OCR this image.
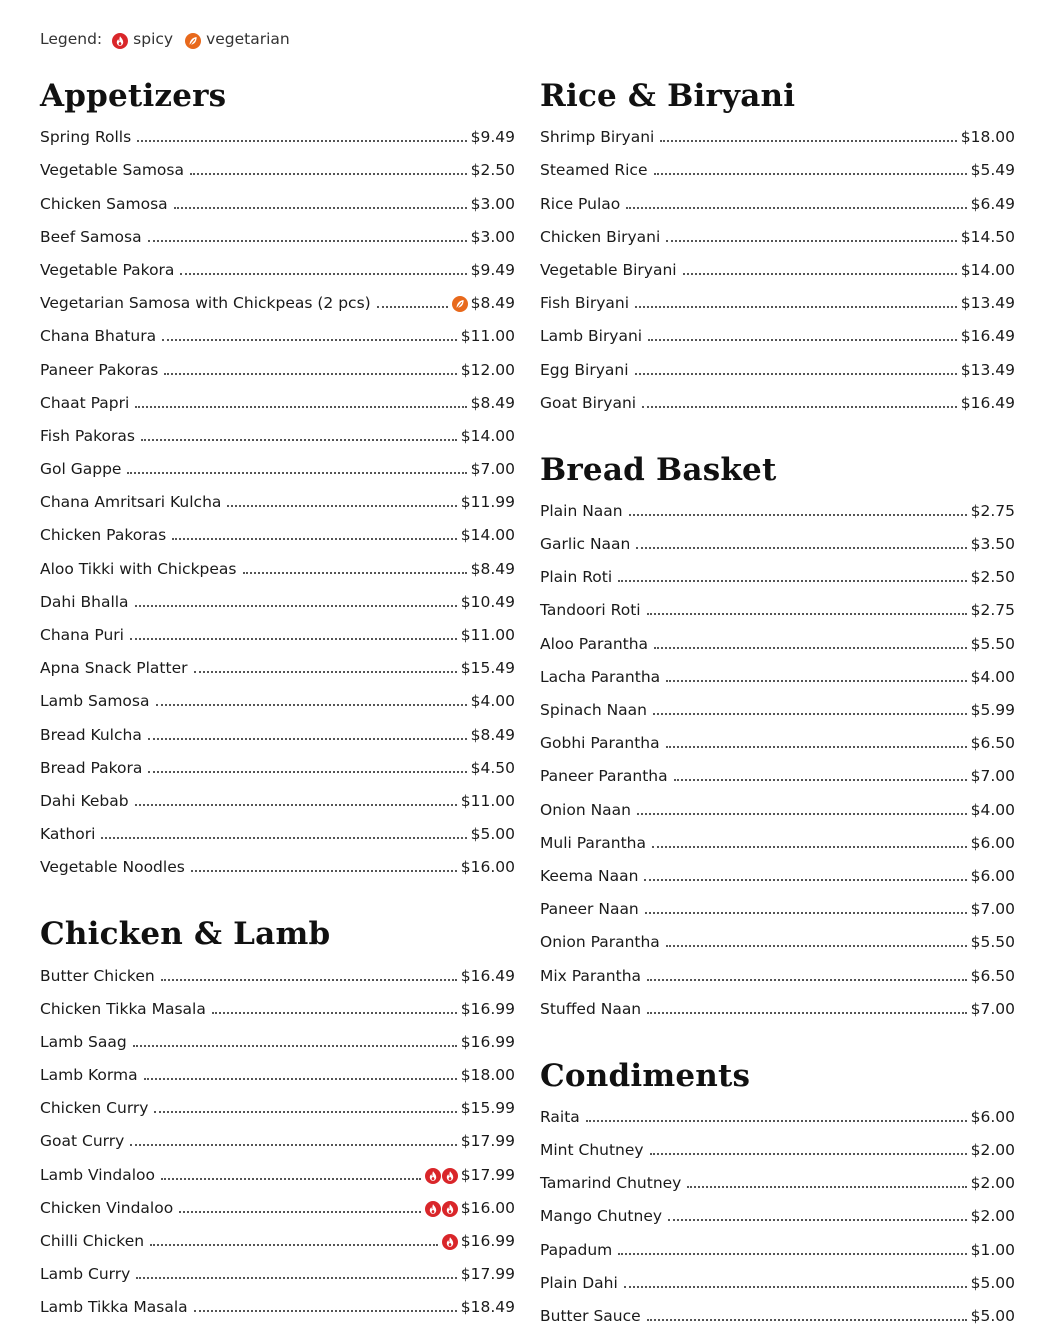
Legend: spicy vegetarian
Appetizers
Spring Rolls	$9.49
Vegetable Samosa	$2.50
Chicken Samosa	$3.00
Beef Samosa	$3.00
Vegetable Pakora	$9.49
Vegetarian Samosa with Chickpeas (2 pcs)	$8.49
Chana Bhatura	$11.00
Paneer Pakoras	$12.00
Chaat Papri	$8.49
Fish Pakoras	$14.00
Gol Gappe	$7.00
Chana Amritsari Kulcha	$11.99
Chicken Pakoras	$14.00
Aloo Tikki with Chickpeas	$8.49
Dahi Bhalla	$10.49
Chana Puri	$11.00
Apna Snack Platter	$15.49
Lamb Samosa	$4.00
Bread Kulcha	$8.49
Bread Pakora	$4.50
Dahi Kebab	$11.00
Kathori	$5.00
Vegetable Noodles	$16.00
Chicken & Lamb
Butter Chicken	$16.49
Chicken Tikka Masala	$16.99
Lamb Saag	$16.99
Lamb Korma	$18.00
Chicken Curry	$15.99
Goat Curry	$17.99
Lamb Vindaloo	$17.99
Chicken Vindaloo	$16.00
Chilli Chicken	$16.99
Lamb Curry	$17.99
Lamb Tikka Masala	$18.49
Rice & Biryani
Shrimp Biryani	$18.00
Steamed Rice	$5.49
Rice Pulao	$6.49
Chicken Biryani	$14.50
Vegetable Biryani	$14.00
Fish Biryani	$13.49
Lamb Biryani	$16.49
Egg Biryani	$13.49
Goat Biryani	$16.49
Bread Basket
Plain Naan	$2.75
Garlic Naan	$3.50
Plain Roti	$2.50
Tandoori Roti	$2.75
Aloo Parantha	$5.50
Lacha Parantha	$4.00
Spinach Naan	$5.99
Gobhi Parantha	$6.50
Paneer Parantha	$7.00
Onion Naan	$4.00
Muli Parantha	$6.00
Keema Naan	$6.00
Paneer Naan	$7.00
Onion Parantha	$5.50
Mix Parantha	$6.50
Stuffed Naan	$7.00
Condiments
Raita	$6.00
Mint Chutney	$2.00
Tamarind Chutney	$2.00
Mango Chutney	$2.00
Papadum	$1.00
Plain Dahi	$5.00
Butter Sauce	$5.00
